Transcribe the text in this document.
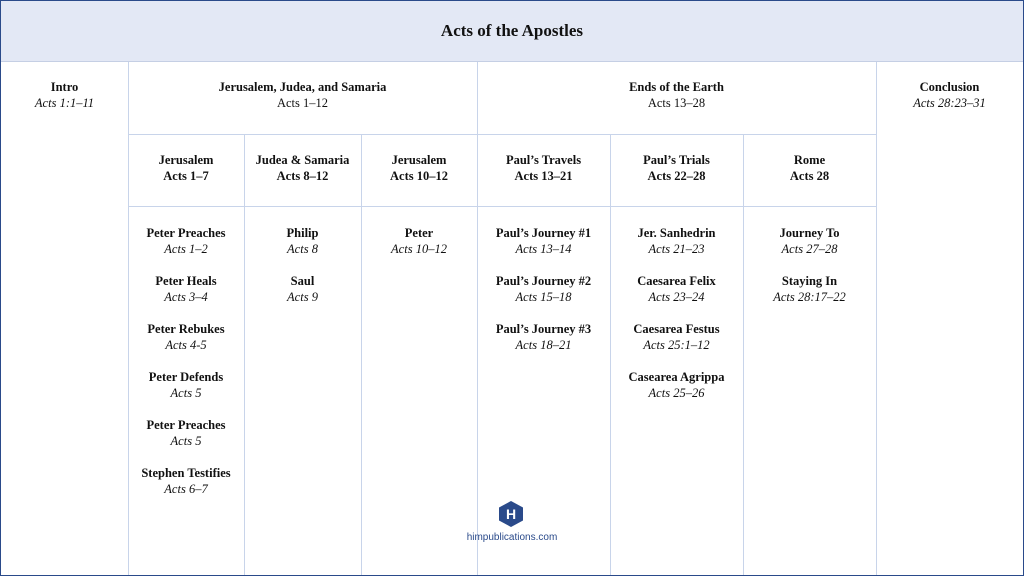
Acts of the Apostles
Intro
Acts 1:1–11
Jerusalem, Judea, and Samaria
Acts 1–12
Ends of the Earth
Acts 13–28
Conclusion
Acts 28:23–31
Jerusalem
Acts 1–7
Judea & Samaria
Acts 8–12
Jerusalem
Acts 10–12
Paul’s Travels
Acts 13–21
Paul’s Trials
Acts 22–28
Rome
Acts 28
Peter Preaches
Acts 1–2
Peter Heals
Acts 3–4
Peter Rebukes
Acts 4-5
Peter Defends
Acts 5
Peter Preaches
Acts 5
Stephen Testifies
Acts 6–7
Philip
Acts 8
Saul
Acts 9
Peter
Acts 10–12
Paul’s Journey #1
Acts 13–14
Paul’s Journey #2
Acts 15–18
Paul’s Journey #3
Acts 18–21
Jer. Sanhedrin
Acts 21–23
Caesarea Felix
Acts 23–24
Caesarea Festus
Acts 25:1–12
Casearea Agrippa
Acts 25–26
Journey To
Acts 27–28
Staying In
Acts 28:17–22
H
himpublications.com
